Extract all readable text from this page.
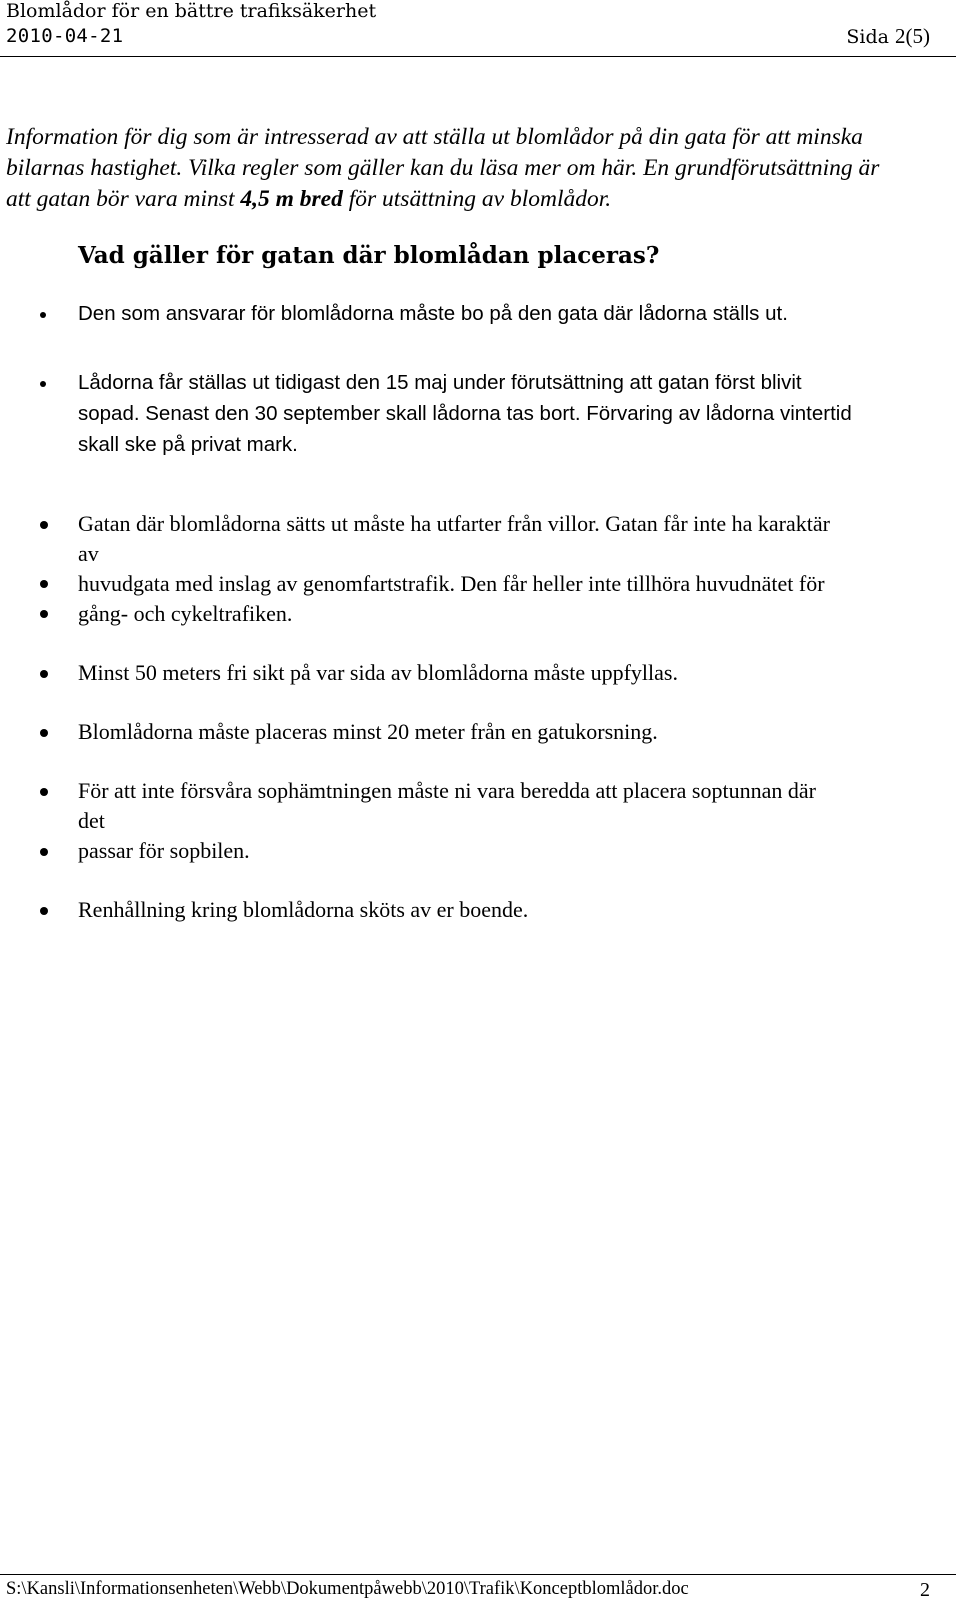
Blomlådor för en bättre trafiksäkerhet
2010-04-21	Sida 2(5)
Information för dig som är intresserad av att ställa ut blomlådor på din gata för att minska
bilarnas hastighet. Vilka regler som gäller kan du läsa mer om här. En grundförutsättning är
att gatan bör vara minst 4,5 m bred för utsättning av blomlådor.
Vad gäller för gatan där blomlådan placeras?
Den som ansvarar för blomlådorna måste bo på den gata där lådorna ställs ut.
Lådorna får ställas ut tidigast den 15 maj under förutsättning att gatan först blivit
sopad. Senast den 30 september skall lådorna tas bort. Förvaring av lådorna vintertid
skall ske på privat mark.
Gatan där blomlådorna sätts ut måste ha utfarter från villor. Gatan får inte ha karaktär
av
huvudgata med inslag av genomfartstrafik. Den får heller inte tillhöra huvudnätet för
gång- och cykeltrafiken.
Minst 50 meters fri sikt på var sida av blomlådorna måste uppfyllas.
Blomlådorna måste placeras minst 20 meter från en gatukorsning.
För att inte försvåra sophämtningen måste ni vara beredda att placera soptunnan där
det
passar för sopbilen.
Renhållning kring blomlådorna sköts av er boende.
S:\Kansli\Informationsenheten\Webb\Dokumentpåwebb\2010\Trafik\Konceptblomlådor.doc	2
